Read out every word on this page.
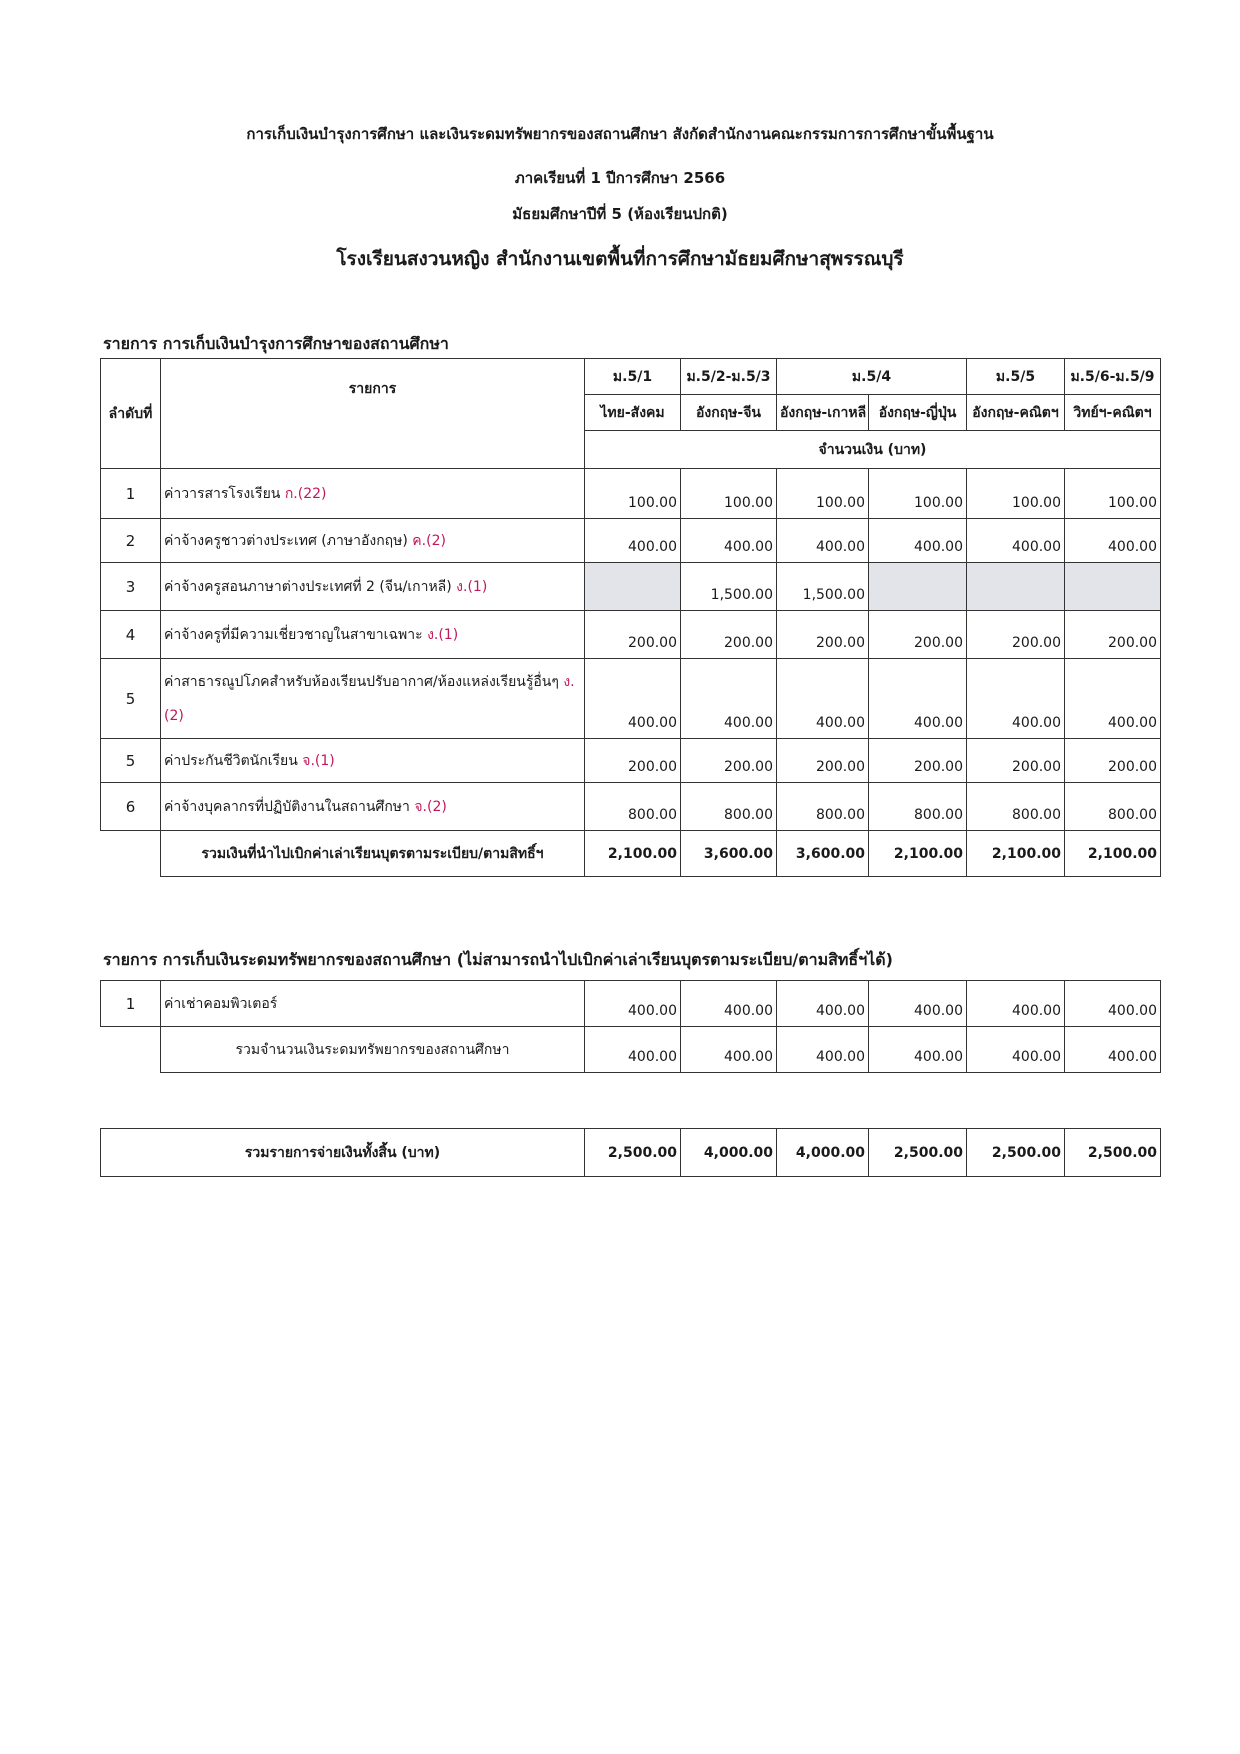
การเก็บเงินบำรุงการศึกษา และเงินระดมทรัพยากรของสถานศึกษา สังกัดสำนักงานคณะกรรมการการศึกษาขั้นพื้นฐาน
ภาคเรียนที่ 1 ปีการศึกษา 2566
มัธยมศึกษาปีที่ 5 (ห้องเรียนปกติ)
โรงเรียนสงวนหญิง สำนักงานเขตพื้นที่การศึกษามัธยมศึกษาสุพรรณบุรี
รายการ การเก็บเงินบำรุงการศึกษาของสถานศึกษา
ลำดับที่	รายการ	ม.5/1	ม.5/2-ม.5/3	ม.5/4		ม.5/5	ม.5/6-ม.5/9
		ไทย-สังคม	อังกฤษ-จีน	อังกฤษ-เกาหลี	อังกฤษ-ญี่ปุ่น	อังกฤษ-คณิตฯ	วิทย์ฯ-คณิตฯ
		จำนวนเงิน (บาท)					
1	ค่าวารสารโรงเรียน ก.(22)	100.00	100.00	100.00	100.00	100.00	100.00
2	ค่าจ้างครูชาวต่างประเทศ (ภาษาอังกฤษ) ค.(2)	400.00	400.00	400.00	400.00	400.00	400.00
3	ค่าจ้างครูสอนภาษาต่างประเทศที่ 2 (จีน/เกาหลี) ง.(1)		1,500.00	1,500.00			
4	ค่าจ้างครูที่มีความเชี่ยวชาญในสาขาเฉพาะ ง.(1)	200.00	200.00	200.00	200.00	200.00	200.00
5	ค่าสาธารณูปโภคสำหรับห้องเรียนปรับอากาศ/ห้องแหล่งเรียนรู้อื่นๆ ง.(2)	400.00	400.00	400.00	400.00	400.00	400.00
5	ค่าประกันชีวิตนักเรียน จ.(1)	200.00	200.00	200.00	200.00	200.00	200.00
6	ค่าจ้างบุคลากรที่ปฏิบัติงานในสถานศึกษา จ.(2)	800.00	800.00	800.00	800.00	800.00	800.00
	รวมเงินที่นำไปเบิกค่าเล่าเรียนบุตรตามระเบียบ/ตามสิทธิ์ฯ	2,100.00	3,600.00	3,600.00	2,100.00	2,100.00	2,100.00
รายการ การเก็บเงินระดมทรัพยากรของสถานศึกษา (ไม่สามารถนำไปเบิกค่าเล่าเรียนบุตรตามระเบียบ/ตามสิทธิ์ฯได้)
1	ค่าเช่าคอมพิวเตอร์	400.00	400.00	400.00	400.00	400.00	400.00
	รวมจำนวนเงินระดมทรัพยากรของสถานศึกษา	400.00	400.00	400.00	400.00	400.00	400.00
รวมรายการจ่ายเงินทั้งสิ้น (บาท)	2,500.00	4,000.00	4,000.00	2,500.00	2,500.00	2,500.00
